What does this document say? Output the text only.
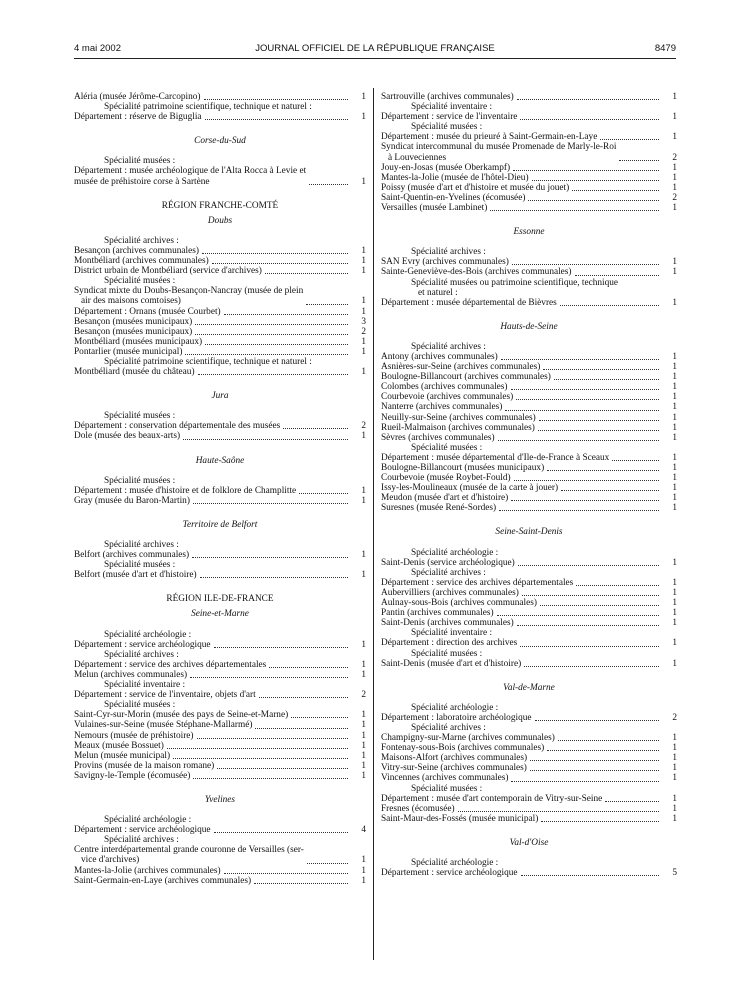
4 mai 2002	JOURNAL OFFICIEL DE LA RÉPUBLIQUE FRANÇAISE	8479
Aléria (musée Jérôme-Carcopino)	1
Spécialité patrimoine scientifique, technique et naturel :
Département : réserve de Biguglia	1
Corse-du-Sud
Spécialité musées :
Département : musée archéologique de l'Alta Rocca à Levie et
musée de préhistoire corse à Sartène	1
RÉGION FRANCHE-COMTÉ
Doubs
Spécialité archives :
Besançon (archives communales)	1
Montbéliard (archives communales)	1
District urbain de Montbéliard (service d'archives)	1
Spécialité musées :
Syndicat mixte du Doubs-Besançon-Nancray (musée de plein
air des maisons comtoises)	1
Département : Ornans (musée Courbet)	1
Besançon (musées municipaux)	3
Besançon (musées municipaux)	2
Montbéliard (musées municipaux)	1
Pontarlier (musée municipal)	1
Spécialité patrimoine scientifique, technique et naturel :
Montbéliard (musée du château)	1
Jura
Spécialité musées :
Département : conservation départementale des musées	2
Dole (musée des beaux-arts)	1
Haute-Saône
Spécialité musées :
Département : musée d'histoire et de folklore de Champlitte	1
Gray (musée du Baron-Martin)	1
Territoire de Belfort
Spécialité archives :
Belfort (archives communales)	1
Spécialité musées :
Belfort (musée d'art et d'histoire)	1
RÉGION ILE-DE-FRANCE
Seine-et-Marne
Spécialité archéologie :
Département : service archéologique	1
Spécialité archives :
Département : service des archives départementales	1
Melun (archives communales)	1
Spécialité inventaire :
Département : service de l'inventaire, objets d'art	2
Spécialité musées :
Saint-Cyr-sur-Morin (musée des pays de Seine-et-Marne)	1
Vulaines-sur-Seine (musée Stéphane-Mallarmé)	1
Nemours (musée de préhistoire)	1
Meaux (musée Bossuet)	1
Melun (musée municipal)	1
Provins (musée de la maison romane)	1
Savigny-le-Temple (écomusée)	1
Yvelines
Spécialité archéologie :
Département : service archéologique	4
Spécialité archives :
Centre interdépartemental grande couronne de Versailles (ser-
vice d'archives)	1
Mantes-la-Jolie (archives communales)	1
Saint-Germain-en-Laye (archives communales)	1
Sartrouville (archives communales)	1
Spécialité inventaire :
Département : service de l'inventaire	1
Spécialité musées :
Département : musée du prieuré à Saint-Germain-en-Laye	1
Syndicat intercommunal du musée Promenade de Marly-le-Roi
à Louveciennes	2
Jouy-en-Josas (musée Oberkampf)	1
Mantes-la-Jolie (musée de l'hôtel-Dieu)	1
Poissy (musée d'art et d'histoire et musée du jouet)	1
Saint-Quentin-en-Yvelines (écomusée)	2
Versailles (musée Lambinet)	1
Essonne
Spécialité archives :
SAN Evry (archives communales)	1
Sainte-Geneviève-des-Bois (archives communales)	1
Spécialité musées ou patrimoine scientifique, technique
et naturel :
Département : musée départemental de Bièvres	1
Hauts-de-Seine
Spécialité archives :
Antony (archives communales)	1
Asnières-sur-Seine (archives communales)	1
Boulogne-Billancourt (archives communales)	1
Colombes (archives communales)	1
Courbevoie (archives communales)	1
Nanterre (archives communales)	1
Neuilly-sur-Seine (archives communales)	1
Rueil-Malmaison (archives communales)	1
Sèvres (archives communales)	1
Spécialité musées :
Département : musée départemental d'Ile-de-France à Sceaux	1
Boulogne-Billancourt (musées municipaux)	1
Courbevoie (musée Roybet-Fould)	1
Issy-les-Moulineaux (musée de la carte à jouer)	1
Meudon (musée d'art et d'histoire)	1
Suresnes (musée René-Sordes)	1
Seine-Saint-Denis
Spécialité archéologie :
Saint-Denis (service archéologique)	1
Spécialité archives :
Département : service des archives départementales	1
Aubervilliers (archives communales)	1
Aulnay-sous-Bois (archives communales)	1
Pantin (archives communales)	1
Saint-Denis (archives communales)	1
Spécialité inventaire :
Département : direction des archives	1
Spécialité musées :
Saint-Denis (musée d'art et d'histoire)	1
Val-de-Marne
Spécialité archéologie :
Département : laboratoire archéologique	2
Spécialité archives :
Champigny-sur-Marne (archives communales)	1
Fontenay-sous-Bois (archives communales)	1
Maisons-Alfort (archives communales)	1
Vitry-sur-Seine (archives communales)	1
Vincennes (archives communales)	1
Spécialité musées :
Département : musée d'art contemporain de Vitry-sur-Seine	1
Fresnes (écomusée)	1
Saint-Maur-des-Fossés (musée municipal)	1
Val-d'Oise
Spécialité archéologie :
Département : service archéologique	5
